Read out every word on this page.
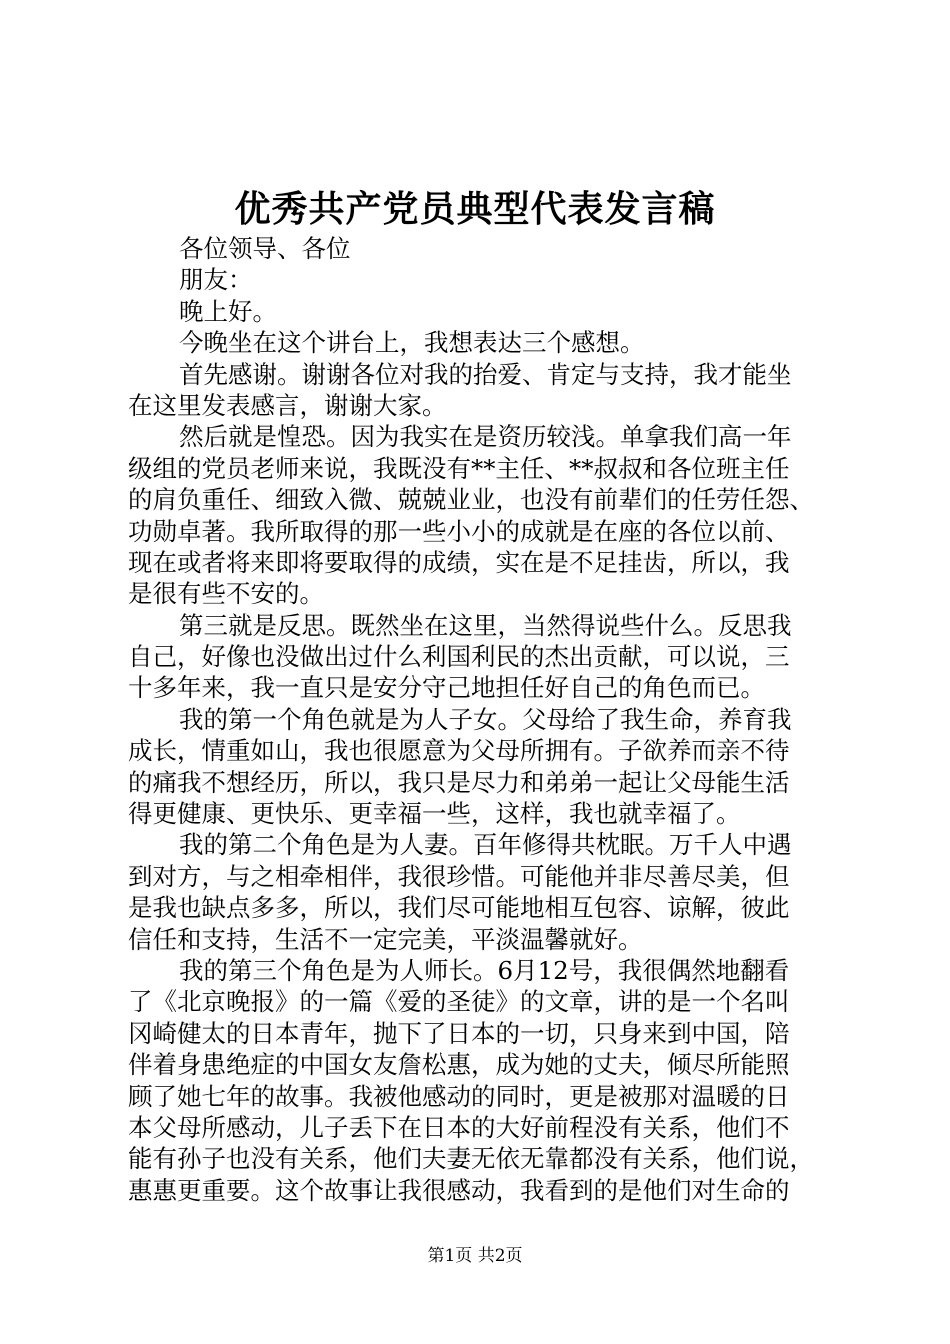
优秀共产党员典型代表发言稿
各位领导、各位
朋友：
晚上好。
今晚坐在这个讲台上，我想表达三个感想。
首先感谢。谢谢各位对我的抬爱、肯定与支持，我才能坐
在这里发表感言，谢谢大家。
然后就是惶恐。因为我实在是资历较浅。单拿我们高一年
级组的党员老师来说，我既没有**主任、**叔叔和各位班主任
的肩负重任、细致入微、兢兢业业，也没有前辈们的任劳任怨、
功勋卓著。我所取得的那一些小小的成就是在座的各位以前、
现在或者将来即将要取得的成绩，实在是不足挂齿，所以，我
是很有些不安的。
第三就是反思。既然坐在这里，当然得说些什么。反思我
自己，好像也没做出过什么利国利民的杰出贡献，可以说，三
十多年来，我一直只是安分守己地担任好自己的角色而已。
我的第一个角色就是为人子女。父母给了我生命，养育我
成长，情重如山，我也很愿意为父母所拥有。子欲养而亲不待
的痛我不想经历，所以，我只是尽力和弟弟一起让父母能生活
得更健康、更快乐、更幸福一些，这样，我也就幸福了。
我的第二个角色是为人妻。百年修得共枕眠。万千人中遇
到对方，与之相牵相伴，我很珍惜。可能他并非尽善尽美，但
是我也缺点多多，所以，我们尽可能地相互包容、谅解，彼此
信任和支持，生活不一定完美，平淡温馨就好。
我的第三个角色是为人师长。6月12号，我很偶然地翻看
了《北京晚报》的一篇《爱的圣徒》的文章，讲的是一个名叫
冈崎健太的日本青年，抛下了日本的一切，只身来到中国，陪
伴着身患绝症的中国女友詹松惠，成为她的丈夫，倾尽所能照
顾了她七年的故事。我被他感动的同时，更是被那对温暖的日
本父母所感动，儿子丢下在日本的大好前程没有关系，他们不
能有孙子也没有关系，他们夫妻无依无靠都没有关系，他们说，
惠惠更重要。这个故事让我很感动，我看到的是他们对生命的
第1页 共2页
